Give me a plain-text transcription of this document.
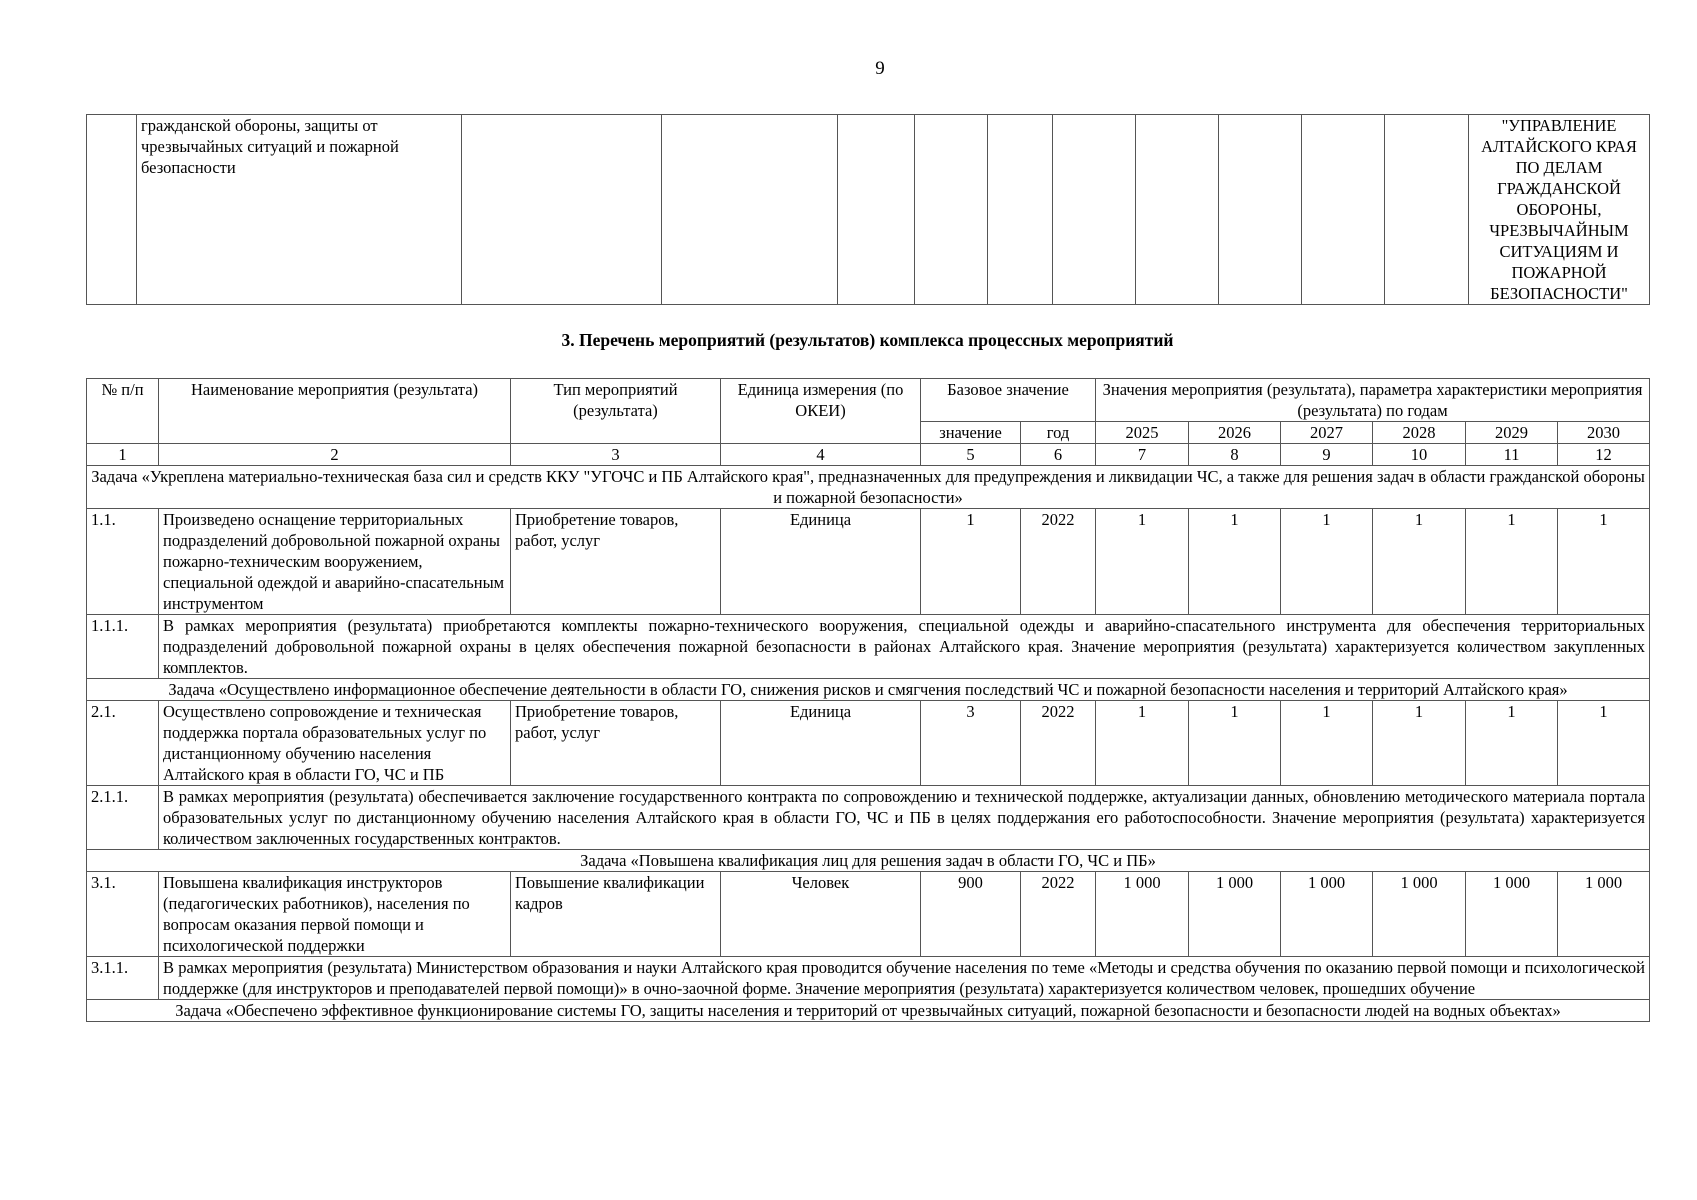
9
	гражданской обороны, защиты от чрезвычайных ситуаций и пожарной безопасности											"УПРАВЛЕНИЕ АЛТАЙСКОГО КРАЯ ПО ДЕЛАМ ГРАЖДАНСКОЙ ОБОРОНЫ, ЧРЕЗВЫЧАЙНЫМ СИТУАЦИЯМ И ПОЖАРНОЙ БЕЗОПАСНОСТИ"
3. Перечень мероприятий (результатов) комплекса процессных мероприятий
№ п/п	Наименование мероприятия (результата)	Тип мероприятий (результата)	Единица измерения (по ОКЕИ)	Базовое значение		Значения мероприятия (результата), параметра характеристики мероприятия (результата) по годам					
				значение	год	2025	2026	2027	2028	2029	2030
1	2	3	4	5	6	7	8	9	10	11	12
Задача «Укреплена материально-техническая база сил и средств ККУ "УГОЧС и ПБ Алтайского края", предназначенных для предупреждения и ликвидации ЧС, а также для решения задач в области гражданской обороны и пожарной безопасности»											
1.1.	Произведено оснащение территориальных подразделений добровольной пожарной охраны пожарно-техническим вооружением, специальной одеждой и аварийно-спасательным инструментом	Приобретение товаров, работ, услуг	Единица	1	2022	1	1	1	1	1	1
1.1.1.	В рамках мероприятия (результата) приобретаются комплекты пожарно-технического вооружения, специальной одежды и аварийно-спасательного инструмента для обеспечения территориальных подразделений добровольной пожарной охраны в целях обеспечения пожарной безопасности в районах Алтайского края. Значение мероприятия (результата) характеризуется количеством закупленных комплектов.										
Задача «Осуществлено информационное обеспечение деятельности в области ГО, снижения рисков и смягчения последствий ЧС и пожарной безопасности населения и территорий Алтайского края»											
2.1.	Осуществлено сопровождение и техническая поддержка портала образовательных услуг по дистанционному обучению населения Алтайского края в области ГО, ЧС и ПБ	Приобретение товаров, работ, услуг	Единица	3	2022	1	1	1	1	1	1
2.1.1.	В рамках мероприятия (результата) обеспечивается заключение государственного контракта по сопровождению и технической поддержке, актуализации данных, обновлению методического материала портала образовательных услуг по дистанционному обучению населения Алтайского края в области ГО, ЧС и ПБ в целях поддержания его работоспособности. Значение мероприятия (результата) характеризуется количеством заключенных государственных контрактов.										
Задача «Повышена квалификация лиц для решения задач в области ГО, ЧС и ПБ»											
3.1.	Повышена квалификация инструкторов (педагогических работников), населения по вопросам оказания первой помощи и психологической поддержки	Повышение квалификации кадров	Человек	900	2022	1 000	1 000	1 000	1 000	1 000	1 000
3.1.1.	В рамках мероприятия (результата) Министерством образования и науки Алтайского края проводится обучение населения по теме «Методы и средства обучения по оказанию первой помощи и психологической поддержке (для инструкторов и преподавателей первой помощи)» в очно-заочной форме. Значение мероприятия (результата) характеризуется количеством человек, прошедших обучение										
Задача «Обеспечено эффективное функционирование системы ГО, защиты населения и территорий от чрезвычайных ситуаций, пожарной безопасности и безопасности людей на водных объектах»											
